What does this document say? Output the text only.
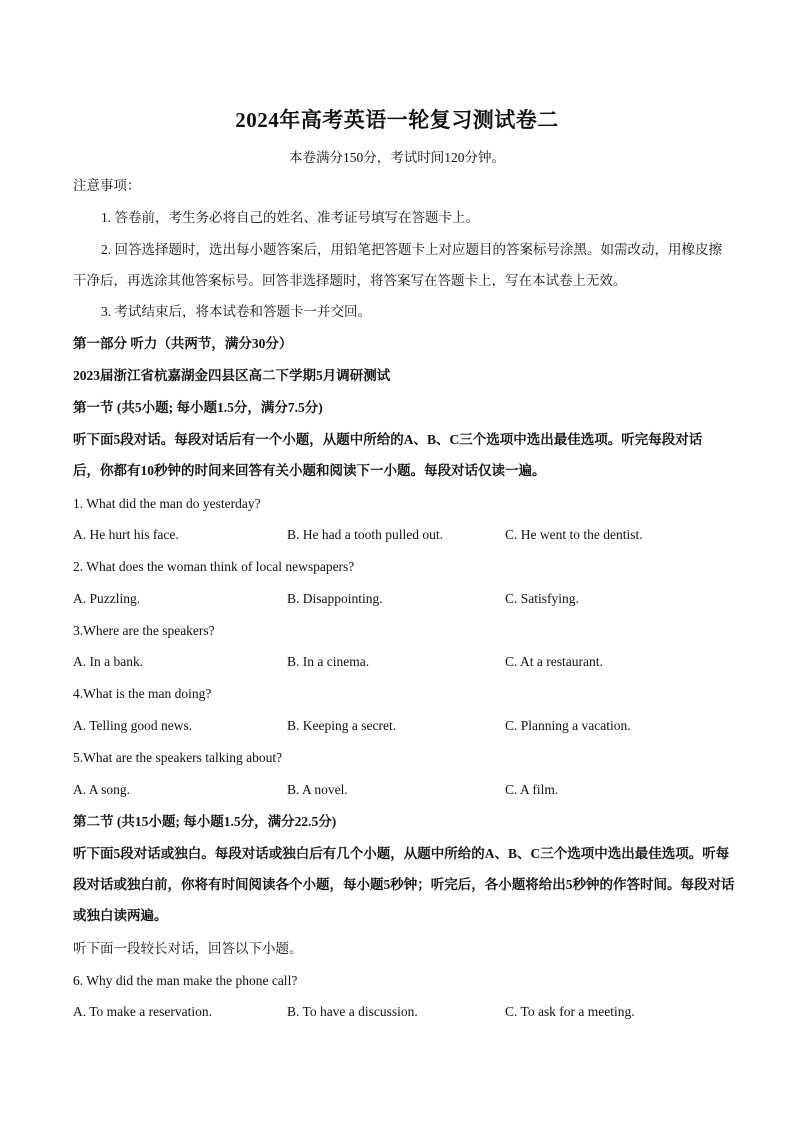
2024年高考英语一轮复习测试卷二
本卷满分150分，考试时间120分钟。
注意事项：
1. 答卷前，考生务必将自己的姓名、准考证号填写在答题卡上。
2. 回答选择题时，选出每小题答案后，用铅笔把答题卡上对应题目的答案标号涂黑。如需改动，用橡皮擦干净后，再选涂其他答案标号。回答非选择题时，将答案写在答题卡上，写在本试卷上无效。
3. 考试结束后，将本试卷和答题卡一并交回。
第一部分 听力（共两节，满分30分）
2023届浙江省杭嘉湖金四县区高二下学期5月调研测试
第一节 (共5小题; 每小题1.5分，满分7.5分)
听下面5段对话。每段对话后有一个小题，从题中所给的A、B、C三个选项中选出最佳选项。听完每段对话后，你都有10秒钟的时间来回答有关小题和阅读下一小题。每段对话仅读一遍。
1. What did the man do yesterday?
A. He hurt his face.	B. He had a tooth pulled out.	C. He went to the dentist.
2. What does the woman think of local newspapers?
A. Puzzling.	B. Disappointing.	C. Satisfying.
3.Where are the speakers?
A. In a bank.	B. In a cinema.	C. At a restaurant.
4.What is the man doing?
A. Telling good news.	B. Keeping a secret.	C. Planning a vacation.
5.What are the speakers talking about?
A. A song.	B. A novel.	C. A film.
第二节 (共15小题; 每小题1.5分，满分22.5分)
听下面5段对话或独白。每段对话或独白后有几个小题，从题中所给的A、B、C三个选项中选出最佳选项。听每段对话或独白前，你将有时间阅读各个小题，每小题5秒钟；听完后，各小题将给出5秒钟的作答时间。每段对话或独白读两遍。
听下面一段较长对话，回答以下小题。
6. Why did the man make the phone call?
A. To make a reservation.	B. To have a discussion.	C. To ask for a meeting.
